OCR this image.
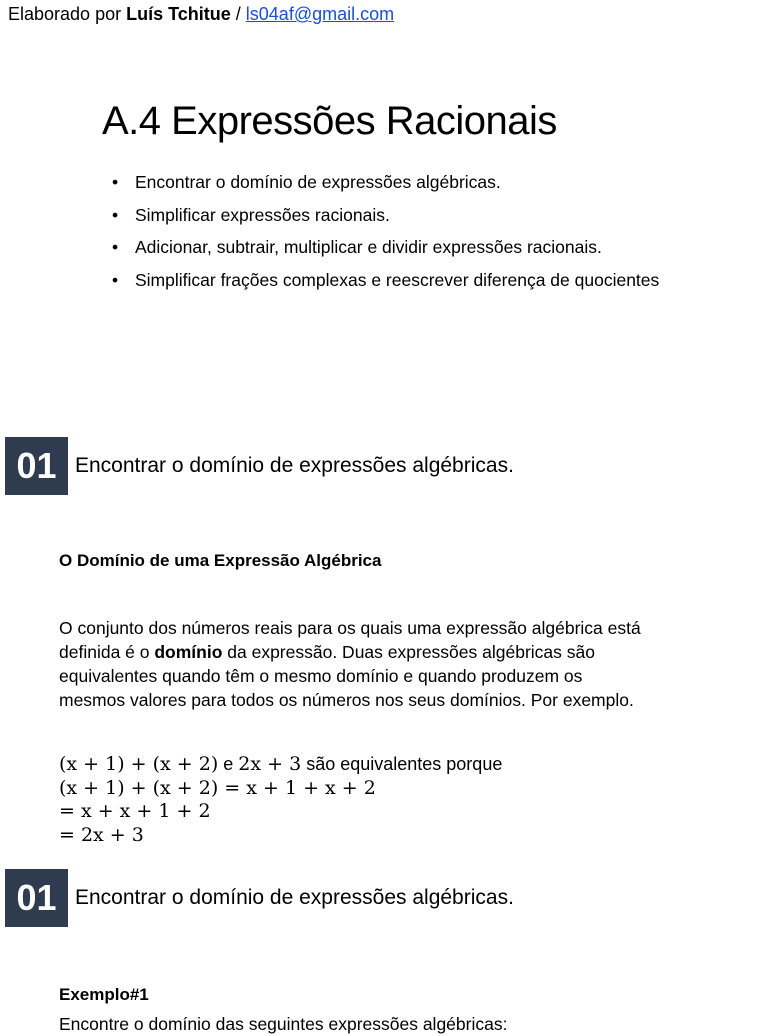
Elaborado por Luís Tchitue / ls04af@gmail.com
A.4 Expressões Racionais
• Encontrar o domínio de expressões algébricas.
• Simplificar expressões racionais.
• Adicionar, subtrair, multiplicar e dividir expressões racionais.
• Simplificar frações complexas e reescrever diferença de quocientes
01 Encontrar o domínio de expressões algébricas.
O Domínio de uma Expressão Algébrica

O conjunto dos números reais para os quais uma expressão algébrica está
definida é o domínio da expressão. Duas expressões algébricas são
equivalentes quando têm o mesmo domínio e quando produzem os
mesmos valores para todos os números nos seus domínios. Por exemplo.

(x + 1) + (x + 2) e 2x + 3 são equivalentes porque
(x + 1) + (x + 2) = x + 1 + x + 2
= x + x + 1 + 2
= 2x + 3
01 Encontrar o domínio de expressões algébricas.
Exemplo#1
Encontre o domínio das seguintes expressões algébricas:
